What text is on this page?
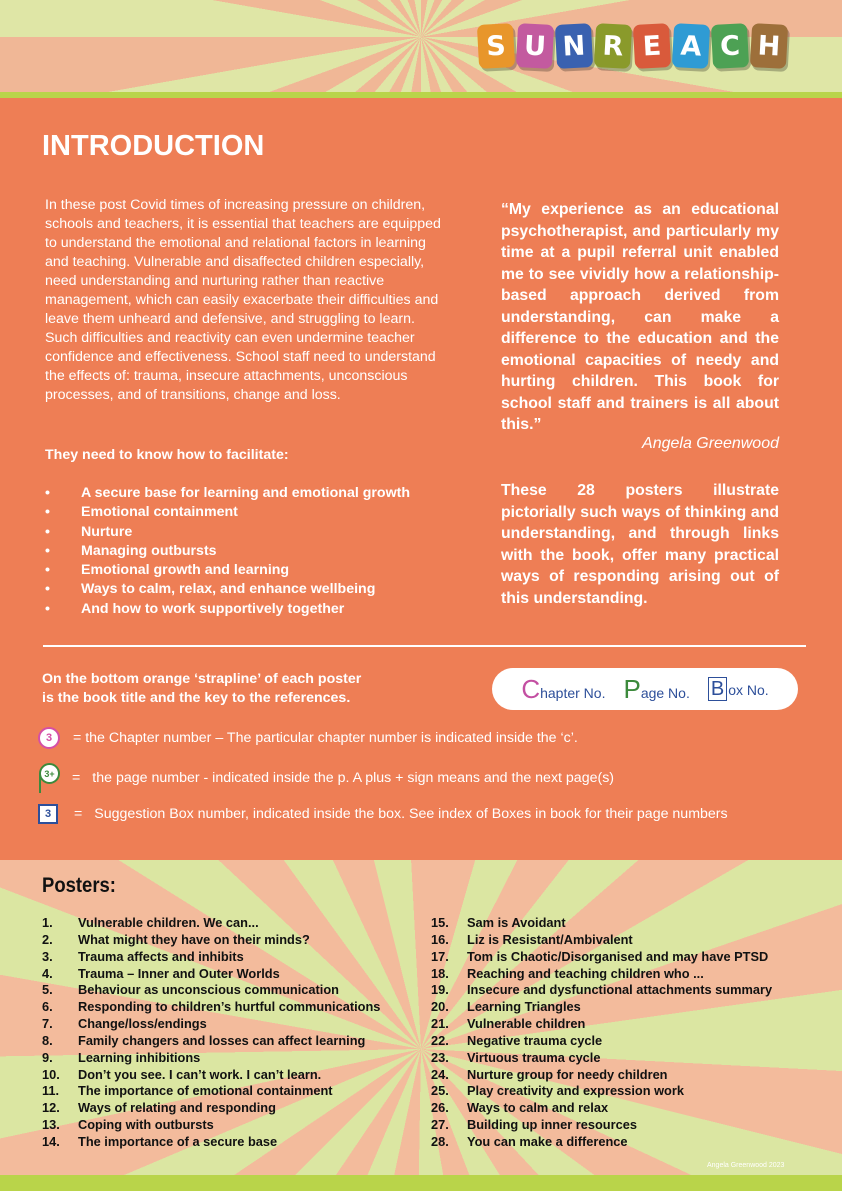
S U N R E A C H
INTRODUCTION

In these post Covid times of increasing pressure on children, schools and teachers, it is essential that teachers are equipped to understand the emotional and relational factors in learning and teaching. Vulnerable and disaffected children especially, need understanding and nurturing rather than reactive management, which can easily exacerbate their difficulties and leave them unheard and defensive, and struggling to learn. Such difficulties and reactivity can even undermine teacher confidence and effectiveness. School staff need to understand the effects of: trauma, insecure attachments, unconscious processes, and of transitions, change and loss.

They need to know how to facilitate:

•	A secure base for learning and emotional growth
•	Emotional containment
•	Nurture
•	Managing outbursts
•	Emotional growth and learning
•	Ways to calm, relax, and enhance wellbeing
•	And how to work supportively together

“My experience as an educational psychotherapist, and particularly my time at a pupil referral unit enabled me to see vividly how a relationship-based approach derived from understanding, can make a difference to the education and the emotional capacities of needy and hurting children. This book for school staff and trainers is all about this.”

Angela Greenwood

These 28 posters illustrate pictorially such ways of thinking and understanding, and through links with the book, offer many practical ways of responding arising out of this understanding.

On the bottom orange ‘strapline’ of each poster
is the book title and the key to the references.	C hapter No. P age No. B ox No.
3	= the Chapter number – The particular chapter number is indicated inside the ‘c’.
3+	= the page number - indicated inside the p. A plus + sign means and the next page(s)
3	= Suggestion Box number, indicated inside the box. See index of Boxes in book for their page numbers
Posters:
1.	Vulnerable children. We can...
2.	What might they have on their minds?
3.	Trauma affects and inhibits
4.	Trauma – Inner and Outer Worlds
5.	Behaviour as unconscious communication
6.	Responding to children’s hurtful communications
7.	Change/loss/endings
8.	Family changers and losses can affect learning
9.	Learning inhibitions
10.	Don’t you see. I can’t work. I can’t learn.
11.	The importance of emotional containment
12.	Ways of relating and responding
13.	Coping with outbursts
14.	The importance of a secure base
15.	Sam is Avoidant
16.	Liz is Resistant/Ambivalent
17.	Tom is Chaotic/Disorganised and may have PTSD
18.	Reaching and teaching children who ...
19.	Insecure and dysfunctional attachments summary
20.	Learning Triangles
21.	Vulnerable children
22.	Negative trauma cycle
23.	Virtuous trauma cycle
24.	Nurture group for needy children
25.	Play creativity and expression work
26.	Ways to calm and relax
27.	Building up inner resources
28.	You can make a difference

Angela Greenwood 2023
